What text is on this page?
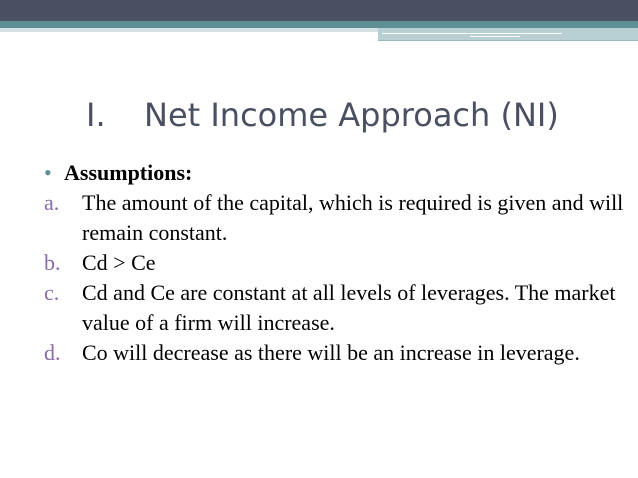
I. Net Income Approach (NI)
• Assumptions:
a.	The amount of the capital, which is required is given and will remain constant.
b. Cd > Ce
c.	Cd and Ce are constant at all levels of leverages. The market value of a firm will increase.
d. Co will decrease as there will be an increase in leverage.
